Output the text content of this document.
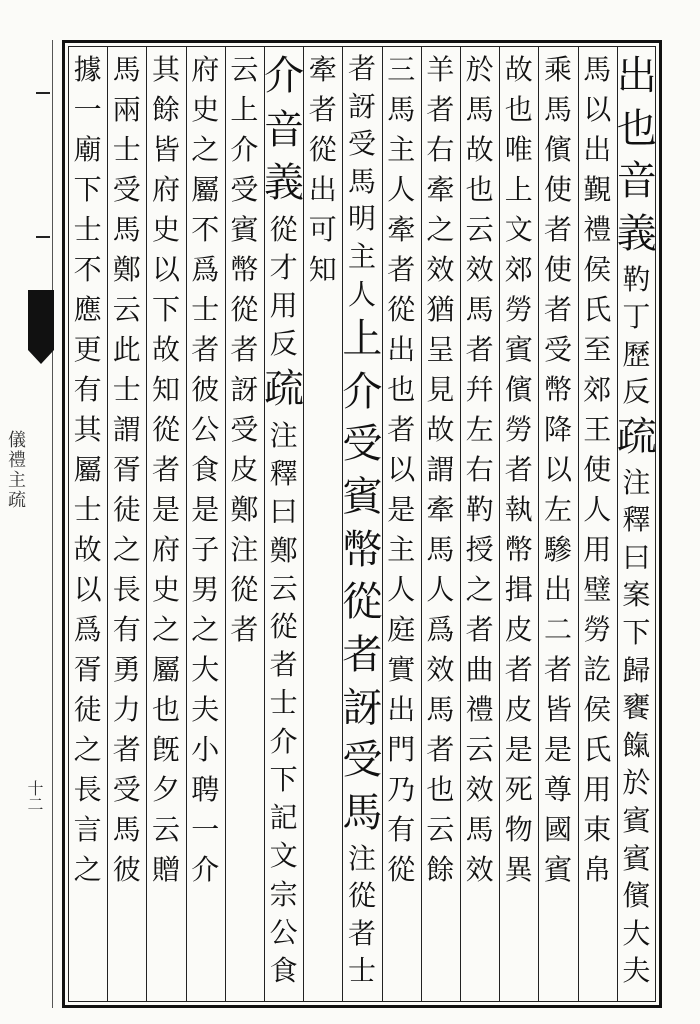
儀禮主疏
十二
出也音義
靮丁
歷反
疏
注釋曰案下歸饔餼於賓賓儐大夫
馬以出覲禮侯氏至郊王使人用璧勞訖侯氏用束帛
乘馬儐使者使者受幣降以左驂出二者皆是尊國賓
故也唯上文郊勞賓儐勞者執幣揖皮者皮是死物異
於馬故也云效馬者幷左右靮授之者曲禮云效馬效
羊者右牽之效猶呈見故謂牽馬人爲效馬者也云餘
三馬主人牽者從出也者以是主人庭實出門乃有從
者訝受馬明主人
上介受賓幣從者訝受馬
注從者士
牽者從出可知
介音義
從才
用反
疏
注釋曰鄭云從者士介下記文宗公食
云上介受賓幣從者訝受皮鄭注從者
府史之屬不爲士者彼公食是子男之大夫小聘一介
其餘皆府史以下故知從者是府史之屬也旣夕云贈
馬兩士受馬鄭云此士謂胥徒之長有勇力者受馬彼
據一廟下士不應更有其屬士故以爲胥徒之長言之
